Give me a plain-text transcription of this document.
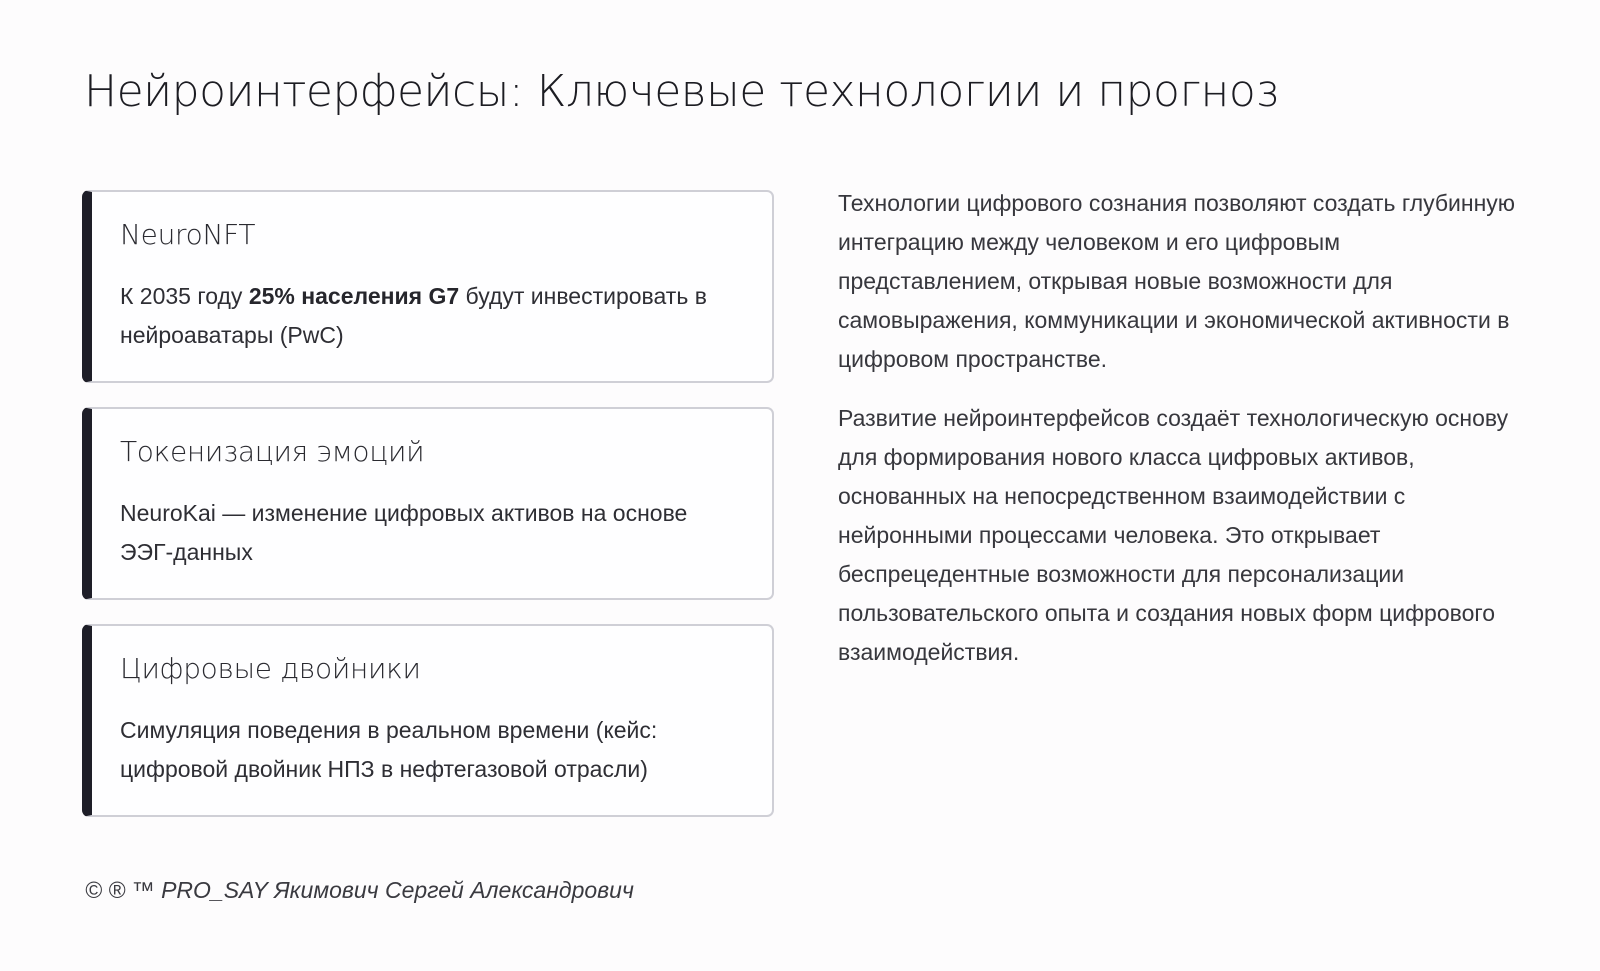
Нейроинтерфейсы: Ключевые технологии и прогноз
NeuroNFT

К 2035 году 25% населения G7 будут инвестировать в нейроаватары (PwC)

Токенизация эмоций

NeuroKai — изменение цифровых активов на основе ЭЭГ-данных

Цифровые двойники

Симуляция поведения в реальном времени (кейс: цифровой двойник НПЗ в нефтегазовой отрасли)

Технологии цифрового сознания позволяют создать глубинную интеграцию между человеком и его цифровым представлением, открывая новые возможности для самовыражения, коммуникации и экономической активности в цифровом пространстве.

Развитие нейроинтерфейсов создаёт технологическую основу для формирования нового класса цифровых активов, основанных на непосредственном взаимодействии с нейронными процессами человека. Это открывает беспрецедентные возможности для персонализации пользовательского опыта и создания новых форм цифрового взаимодействия.

© ® ™ PRO_SAY Якимович Сергей Александрович
